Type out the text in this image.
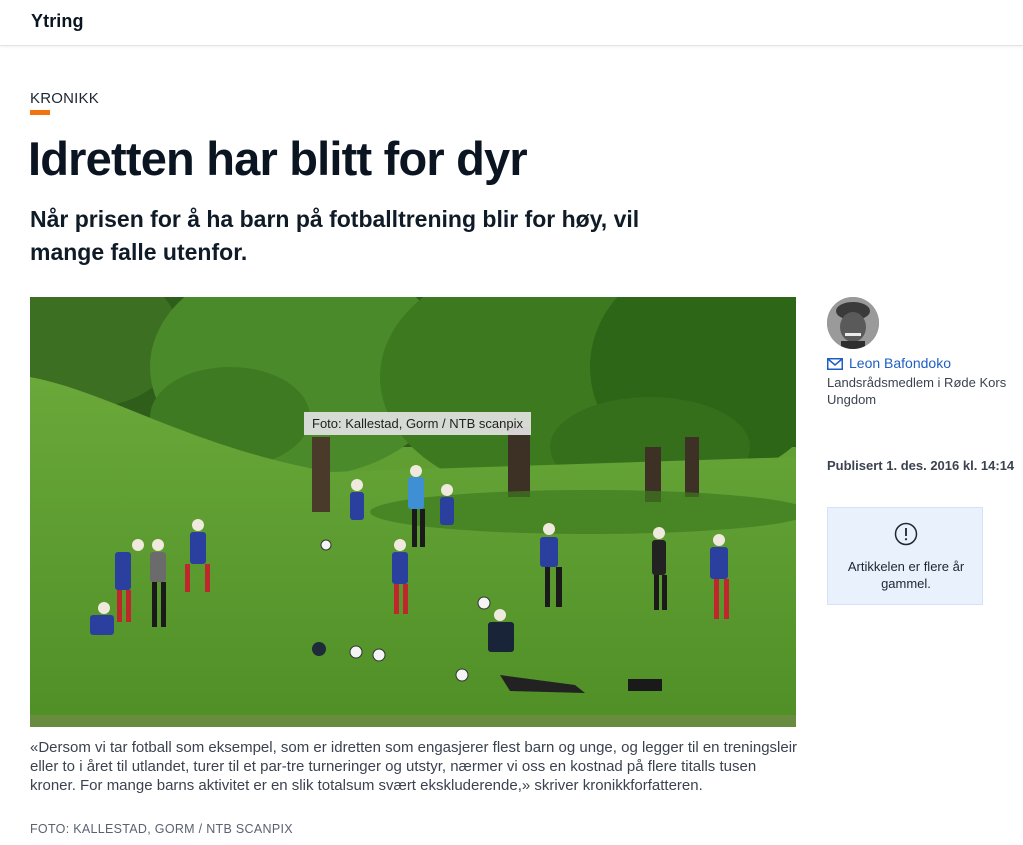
Ytring
KRONIKK
Idretten har blitt for dyr

Når prisen for å ha barn på fotballtrening blir for høy, vil mange falle utenfor.

Foto: Kallestad, Gorm / NTB scanpix

«Dersom vi tar fotball som eksempel, som er idretten som engasjerer flest barn og unge, og legger til en treningsleir eller to i året til utlandet, turer til et par-tre turneringer og utstyr, nærmer vi oss en kostnad på flere titalls tusen kroner. For mange barns aktivitet er en slik totalsum svært ekskluderende,» skriver kronikkforfatteren.

FOTO: KALLESTAD, GORM / NTB SCANPIX
Leon Bafondoko
Landsrådsmedlem i Røde Kors Ungdom
Publisert 1. des. 2016 kl. 14:14
Artikkelen er flere år gammel.
